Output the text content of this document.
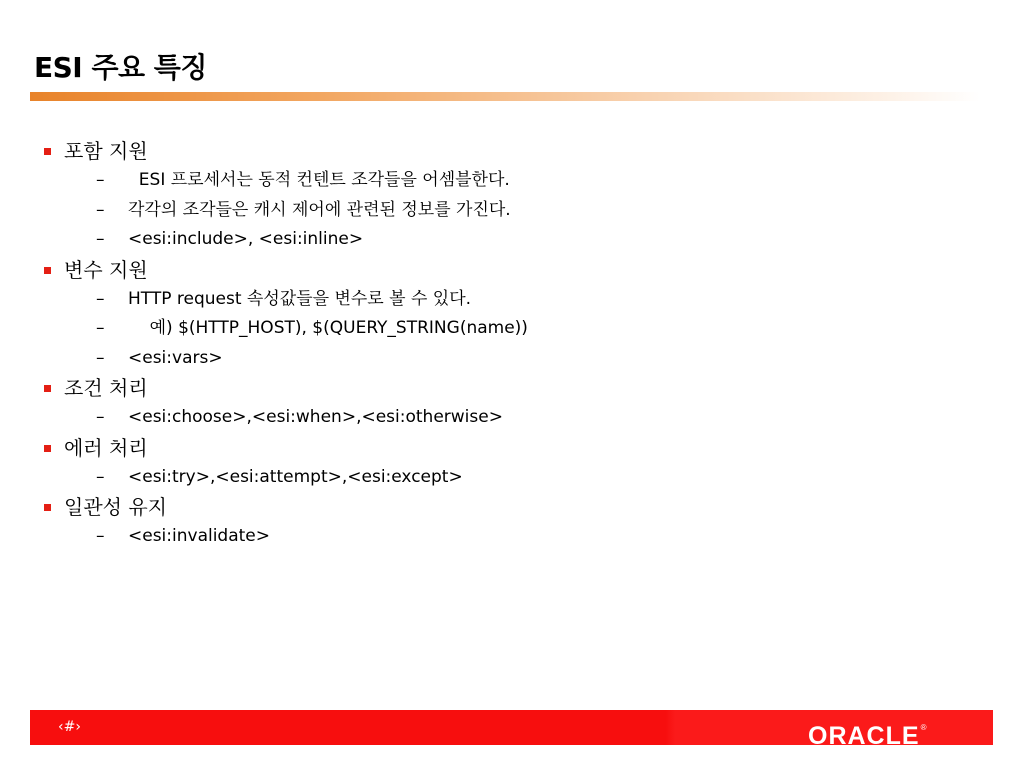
ESI 주요 특징
포함 지원
– ESI 프로세서는 동적 컨텐트 조각들을 어셈블한다.
– 각각의 조각들은 캐시 제어에 관련된 정보를 가진다.
– <esi:include>, <esi:inline>
변수 지원
– HTTP request 속성값들을 변수로 볼 수 있다.
– 예) $(HTTP_HOST), $(QUERY_STRING(name))
– <esi:vars>
조건 처리
– <esi:choose>,<esi:when>,<esi:otherwise>
에러 처리
– <esi:try>,<esi:attempt>,<esi:except>
일관성 유지
– <esi:invalidate>
‹#›	ORACLE®
